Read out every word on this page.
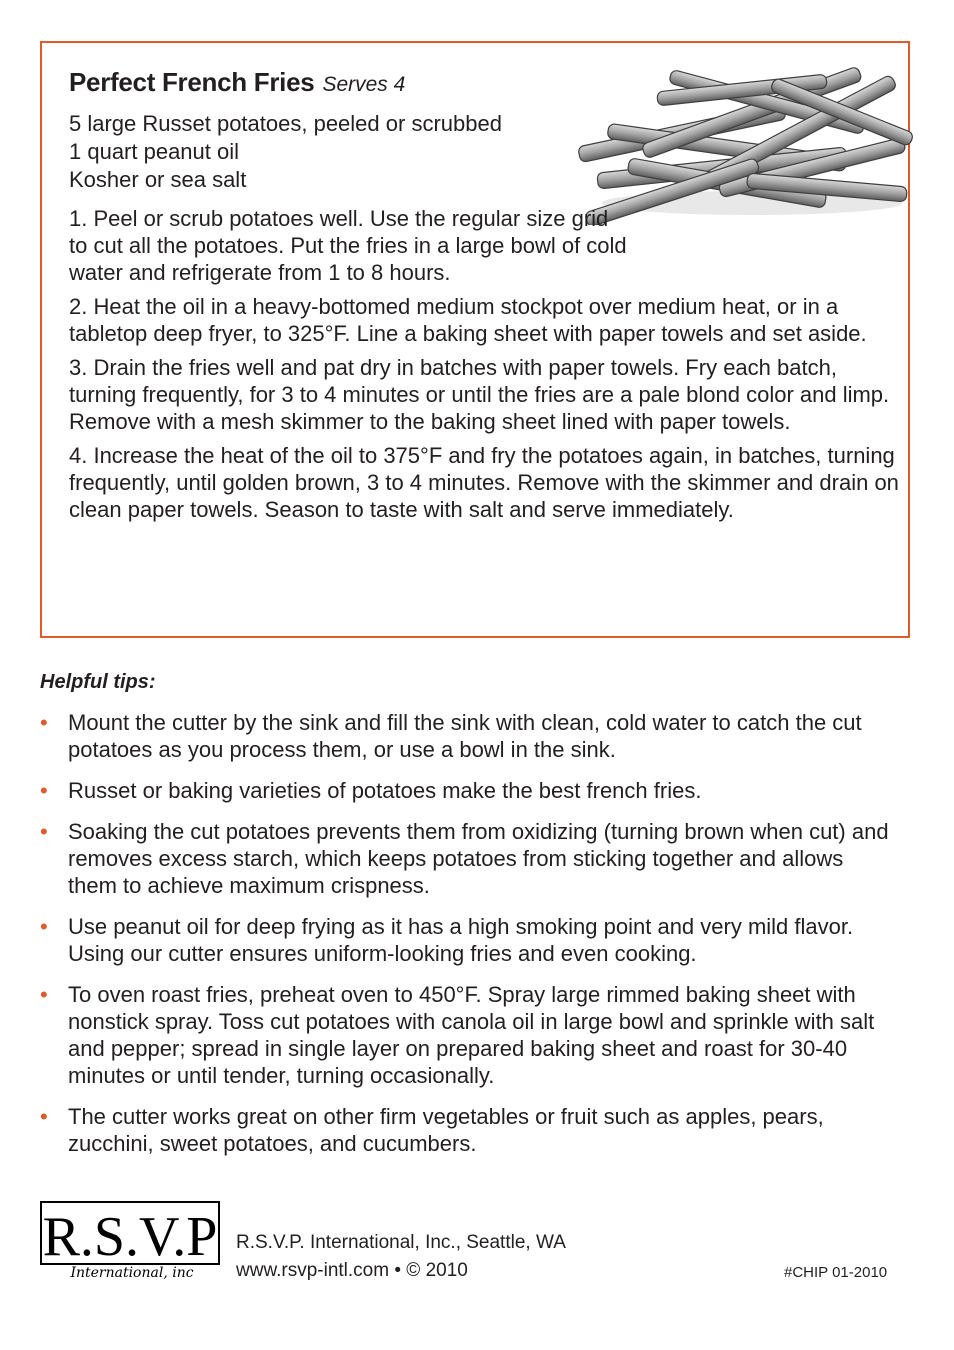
Perfect French Fries Serves 4
5 large Russet potatoes, peeled or scrubbed
1 quart peanut oil
Kosher or sea salt
1. Peel or scrub potatoes well. Use the regular size grid to cut all the potatoes. Put the fries in a large bowl of cold water and refrigerate from 1 to 8 hours.
2. Heat the oil in a heavy-bottomed medium stockpot over medium heat, or in a tabletop deep fryer, to 325°F. Line a baking sheet with paper towels and set aside.
3. Drain the fries well and pat dry in batches with paper towels. Fry each batch, turning frequently, for 3 to 4 minutes or until the fries are a pale blond color and limp. Remove with a mesh skimmer to the baking sheet lined with paper towels.
4. Increase the heat of the oil to 375°F and fry the potatoes again, in batches, turning frequently, until golden brown, 3 to 4 minutes. Remove with the skimmer and drain on clean paper towels. Season to taste with salt and serve immediately.
Helpful tips:
• Mount the cutter by the sink and fill the sink with clean, cold water to catch the cut potatoes as you process them, or use a bowl in the sink.
• Russet or baking varieties of potatoes make the best french fries.
• Soaking the cut potatoes prevents them from oxidizing (turning brown when cut) and removes excess starch, which keeps potatoes from sticking together and allows them to achieve maximum crispness.
• Use peanut oil for deep frying as it has a high smoking point and very mild flavor. Using our cutter ensures uniform-looking fries and even cooking.
• To oven roast fries, preheat oven to 450°F. Spray large rimmed baking sheet with nonstick spray. Toss cut potatoes with canola oil in large bowl and sprinkle with salt and pepper; spread in single layer on prepared baking sheet and roast for 30-40 minutes or until tender, turning occasionally.
• The cutter works great on other firm vegetables or fruit such as apples, pears, zucchini, sweet potatoes, and cucumbers.
R.S.V.P
International, inc
R.S.V.P. International, Inc., Seattle, WA
www.rsvp-intl.com • © 2010	#CHIP 01-2010
